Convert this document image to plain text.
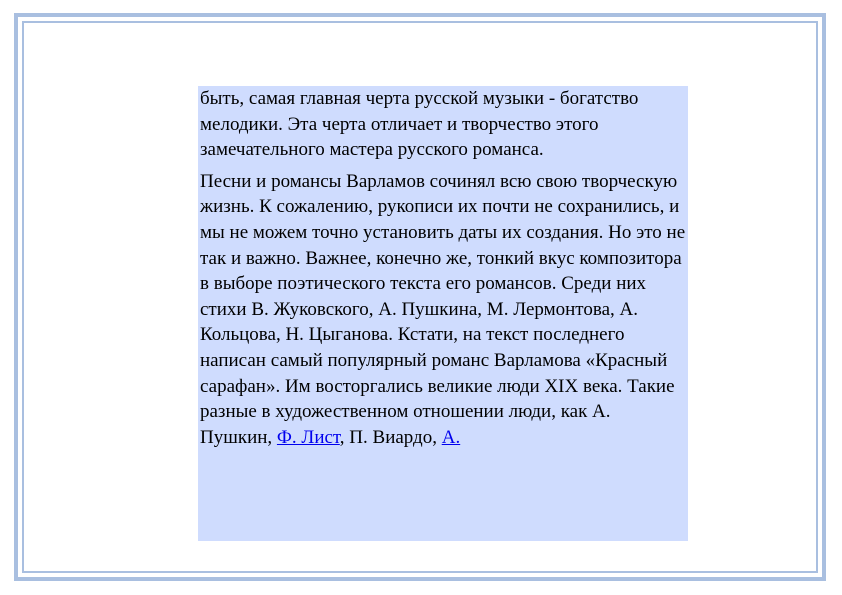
быть, самая главная черта русской музыки - богатство мелодики. Эта черта отличает и творчество этого замечательного мастера русского романса.

Песни и романсы Варламов сочинял всю свою творческую жизнь. К сожалению, рукописи их почти не сохранились, и мы не можем точно установить даты их создания. Но это не так и важно. Важнее, конечно же, тонкий вкус композитора в выборе поэтического текста его романсов. Среди них стихи В. Жуковского, А. Пушкина, М. Лермонтова, А. Кольцова, Н. Цыганова. Кстати, на текст последнего написан самый популярный романс Варламова «Красный сарафан». Им восторгались великие люди XIX века. Такие разные в художественном отношении люди, как А. Пушкин, Ф. Лист, П. Виардо, А.
